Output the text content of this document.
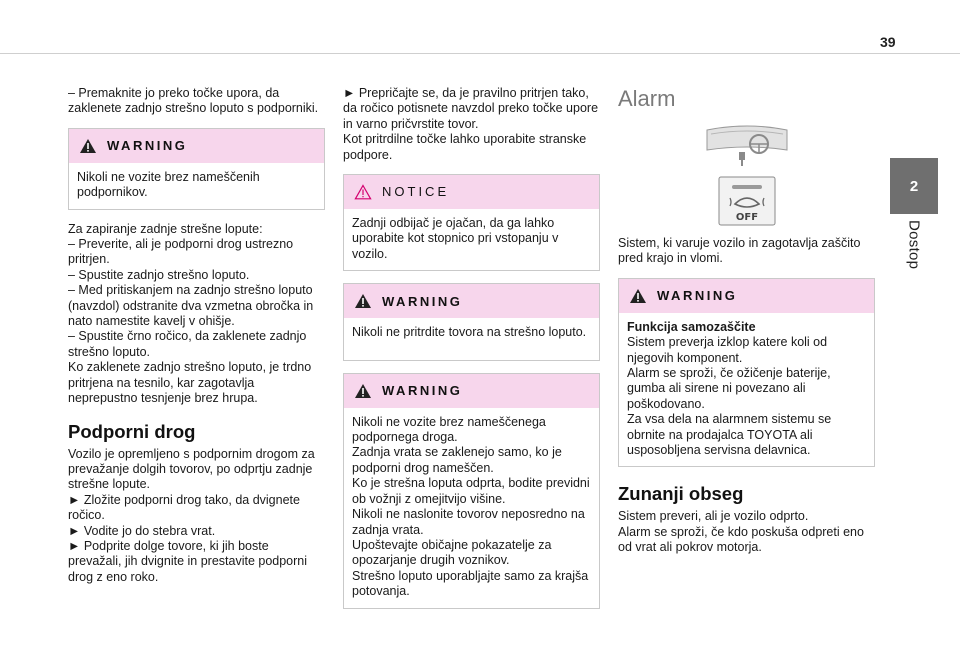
39
2
Dostop

– Premaknite jo preko točke upora, da zaklenete zadnjo strešno loputo s podporniki.

WARNING

Nikoli ne vozite brez nameščenih podpornikov.

Za zapiranje zadnje strešne lopute:

– Preverite, ali je podporni drog ustrezno pritrjen.

– Spustite zadnjo strešno loputo.

– Med pritiskanjem na zadnjo strešno loputo (navzdol) odstranite dva vzmetna obročka in nato namestite kavelj v ohišje.

– Spustite črno ročico, da zaklenete zadnjo strešno loputo.

Ko zaklenete zadnjo strešno loputo, je trdno pritrjena na tesnilo, kar zagotavlja neprepustno tesnjenje brez hrupa.

Podporni drog

Vozilo je opremljeno s podpornim drogom za prevažanje dolgih tovorov, po odprtju zadnje strešne lopute.

► Zložite podporni drog tako, da dvignete ročico.

► Vodite jo do stebra vrat.

► Podprite dolge tovore, ki jih boste prevažali, jih dvignite in prestavite podporni drog z eno roko.

► Prepričajte se, da je pravilno pritrjen tako, da ročico potisnete navzdol preko točke upore in varno pričvrstite tovor.

Kot pritrdilne točke lahko uporabite stranske podpore.

NOTICE

Zadnji odbijač je ojačan, da ga lahko uporabite kot stopnico pri vstopanju v vozilo.

WARNING

Nikoli ne pritrdite tovora na strešno loputo.

WARNING

Nikoli ne vozite brez nameščenega podpornega droga.

Zadnja vrata se zaklenejo samo, ko je podporni drog nameščen.

Ko je strešna loputa odprta, bodite previdni ob vožnji z omejitvijo višine.

Nikoli ne naslonite tovorov neposredno na zadnja vrata.

Upoštevajte običajne pokazatelje za opozarjanje drugih voznikov.

Strešno loputo uporabljajte samo za krajša potovanja.

Alarm

OFF

Sistem, ki varuje vozilo in zagotavlja zaščito pred krajo in vlomi.

WARNING

Funkcija samozaščite

Sistem preverja izklop katere koli od njegovih komponent.

Alarm se sproži, če ožičenje baterije, gumba ali sirene ni povezano ali poškodovano.

Za vsa dela na alarmnem sistemu se obrnite na prodajalca TOYOTA ali usposobljena servisna delavnica.

Zunanji obseg

Sistem preveri, ali je vozilo odprto.

Alarm se sproži, če kdo poskuša odpreti eno od vrat ali pokrov motorja.
